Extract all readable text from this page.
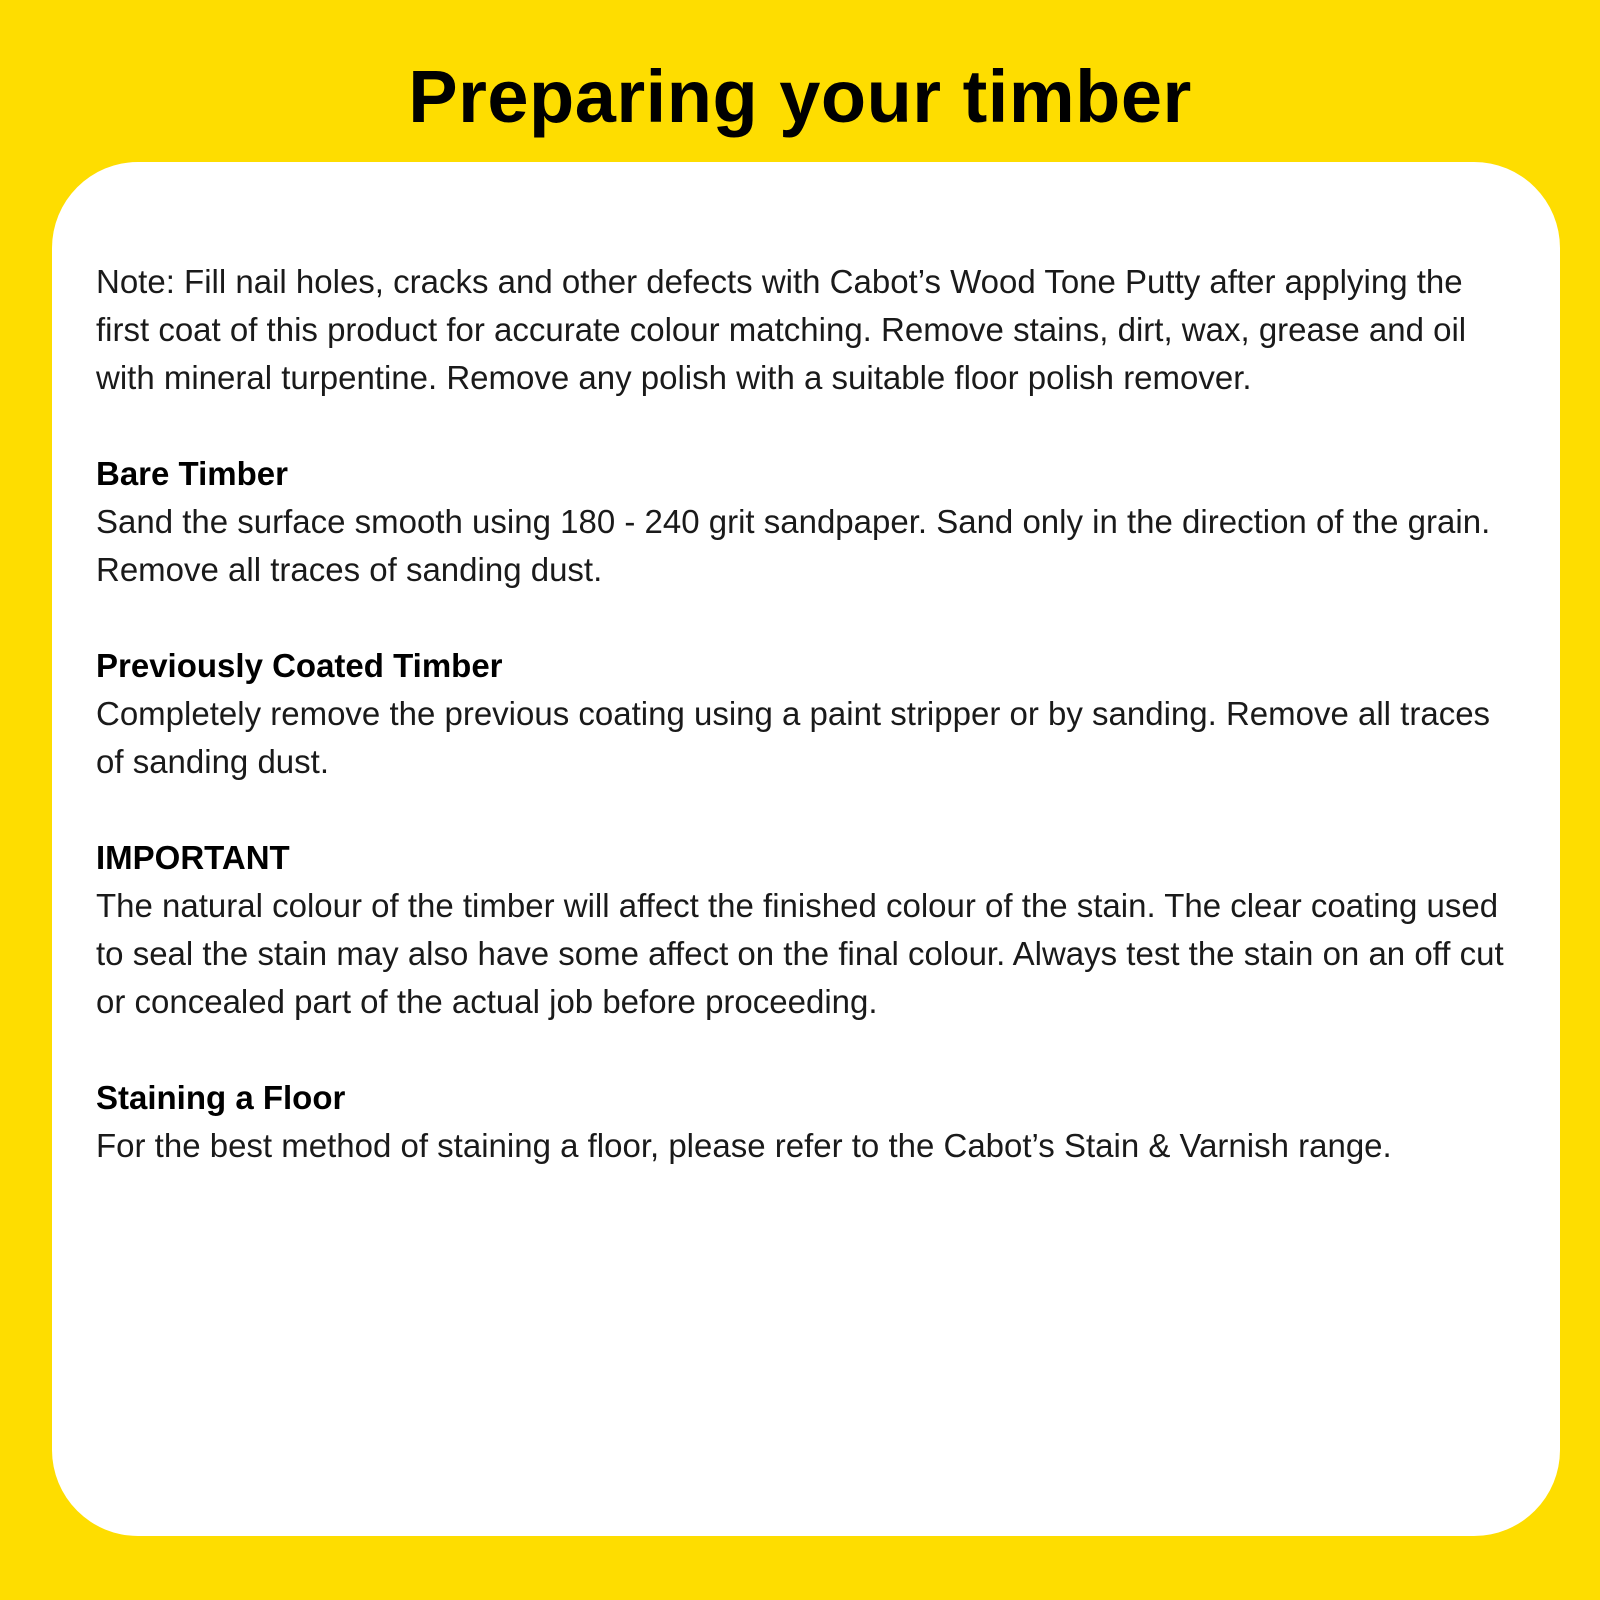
Preparing your timber

Note: Fill nail holes, cracks and other defects with Cabot’s Wood Tone Putty after applying the first coat of this product for accurate colour matching. Remove stains, dirt, wax, grease and oil with mineral turpentine. Remove any polish with a suitable floor polish remover.

Bare Timber

Sand the surface smooth using 180 - 240 grit sandpaper. Sand only in the direction of the grain. Remove all traces of sanding dust.

Previously Coated Timber

Completely remove the previous coating using a paint stripper or by sanding. Remove all traces of sanding dust.

IMPORTANT

The natural colour of the timber will affect the finished colour of the stain. The clear coating used to seal the stain may also have some affect on the final colour. Always test the stain on an off cut or concealed part of the actual job before proceeding.

Staining a Floor

For the best method of staining a floor, please refer to the Cabot’s Stain & Varnish range.
